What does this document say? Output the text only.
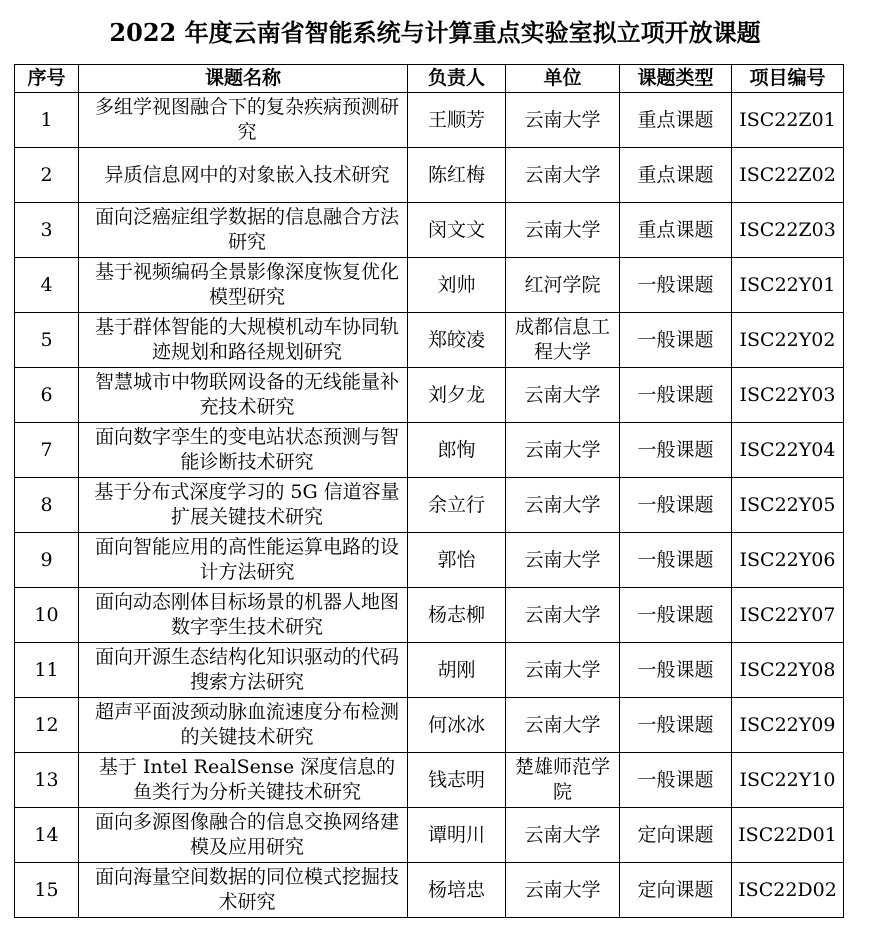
2022 年度云南省智能系统与计算重点实验室拟立项开放课题
序号	课题名称	负责人	单位	课题类型	项目编号
1	多组学视图融合下的复杂疾病预测研究	王顺芳	云南大学	重点课题	ISC22Z01
2	异质信息网中的对象嵌入技术研究	陈红梅	云南大学	重点课题	ISC22Z02
3	面向泛癌症组学数据的信息融合方法研究	闵文文	云南大学	重点课题	ISC22Z03
4	基于视频编码全景影像深度恢复优化模型研究	刘帅	红河学院	一般课题	ISC22Y01
5	基于群体智能的大规模机动车协同轨迹规划和路径规划研究	郑皎凌	成都信息工程大学	一般课题	ISC22Y02
6	智慧城市中物联网设备的无线能量补充技术研究	刘夕龙	云南大学	一般课题	ISC22Y03
7	面向数字孪生的变电站状态预测与智能诊断技术研究	郎恂	云南大学	一般课题	ISC22Y04
8	基于分布式深度学习的 5G 信道容量扩展关键技术研究	余立行	云南大学	一般课题	ISC22Y05
9	面向智能应用的高性能运算电路的设计方法研究	郭怡	云南大学	一般课题	ISC22Y06
10	面向动态刚体目标场景的机器人地图数字孪生技术研究	杨志柳	云南大学	一般课题	ISC22Y07
11	面向开源生态结构化知识驱动的代码搜索方法研究	胡刚	云南大学	一般课题	ISC22Y08
12	超声平面波颈动脉血流速度分布检测的关键技术研究	何冰冰	云南大学	一般课题	ISC22Y09
13	基于 Intel RealSense 深度信息的鱼类行为分析关键技术研究	钱志明	楚雄师范学院	一般课题	ISC22Y10
14	面向多源图像融合的信息交换网络建模及应用研究	谭明川	云南大学	定向课题	ISC22D01
15	面向海量空间数据的同位模式挖掘技术研究	杨培忠	云南大学	定向课题	ISC22D02
